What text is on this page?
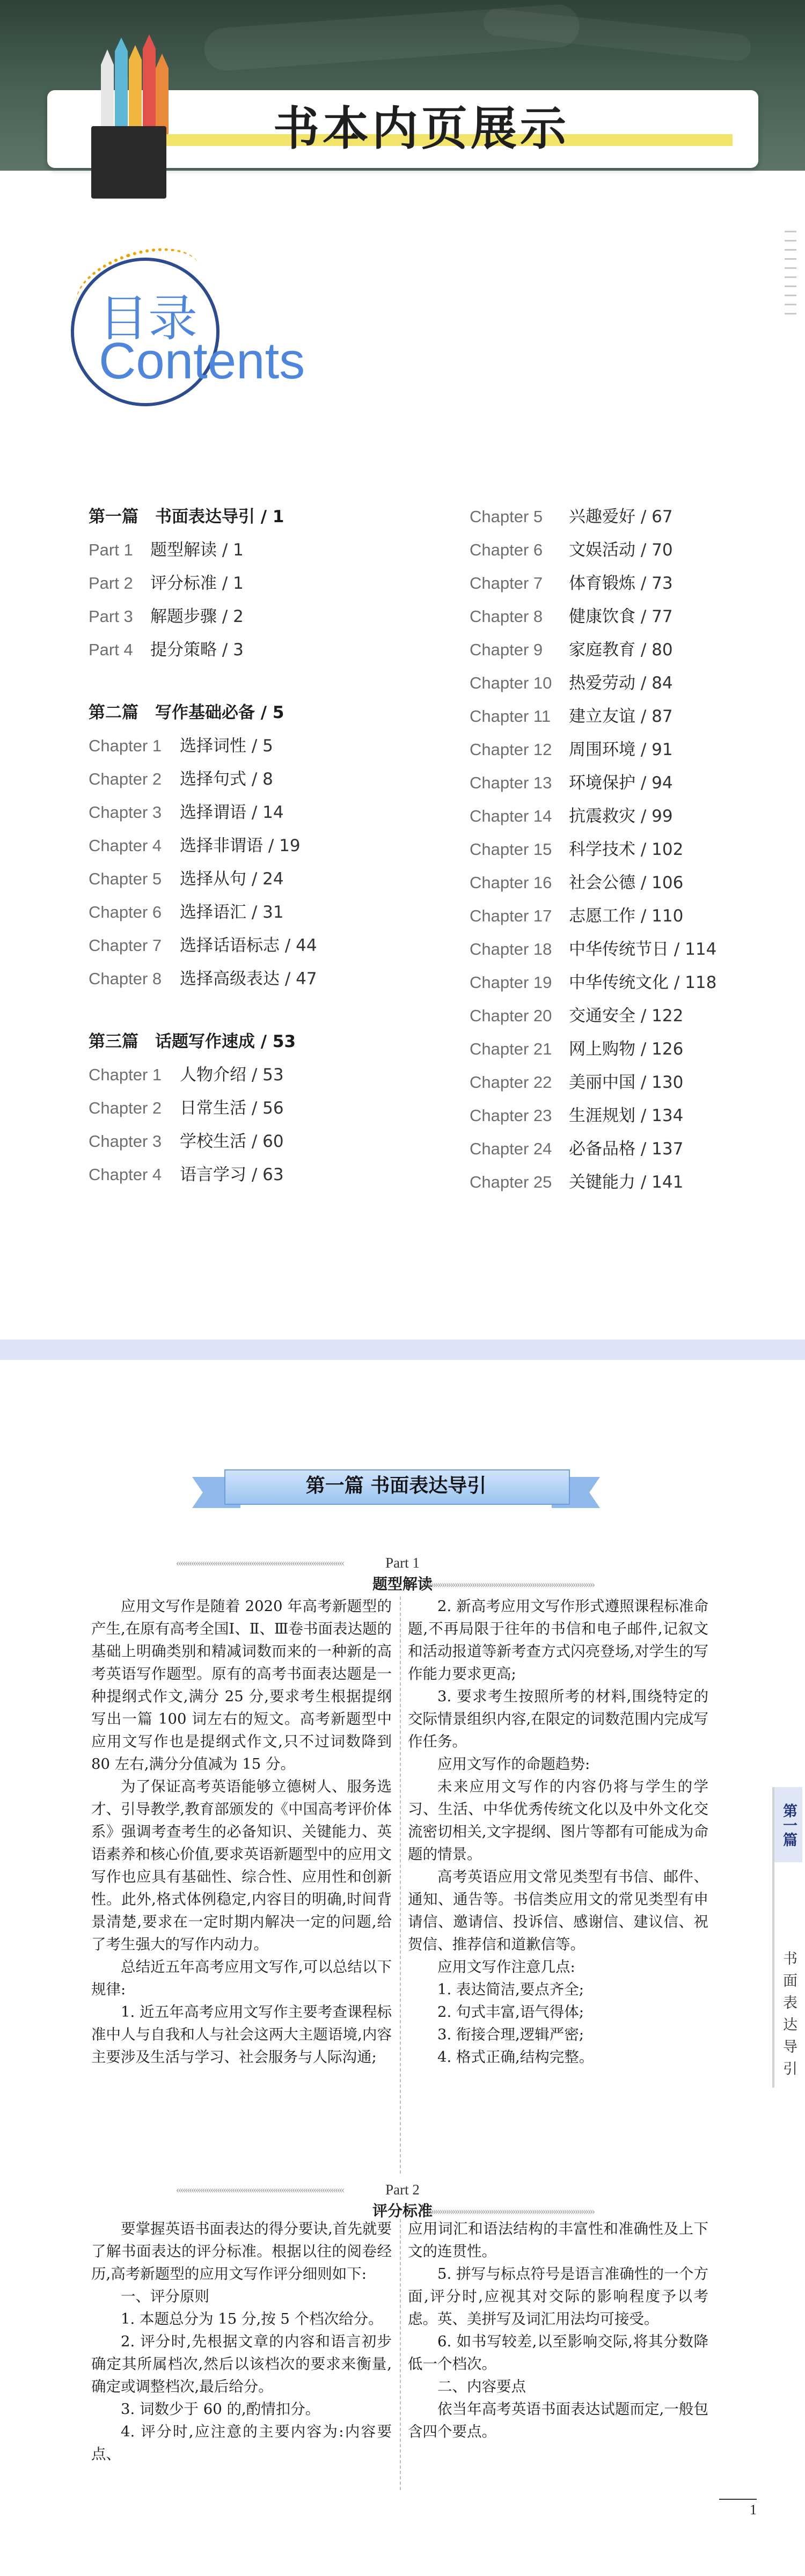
书本内页展示
目录
Contents
第一篇　书面表达导引 / 1
Part 1 题型解读 / 1
Part 2 评分标准 / 1
Part 3 解题步骤 / 2
Part 4 提分策略 / 3
第二篇　写作基础必备 / 5
Chapter 1 选择词性 / 5
Chapter 2 选择句式 / 8
Chapter 3 选择谓语 / 14
Chapter 4 选择非谓语 / 19
Chapter 5 选择从句 / 24
Chapter 6 选择语汇 / 31
Chapter 7 选择话语标志 / 44
Chapter 8 选择高级表达 / 47
第三篇　话题写作速成 / 53
Chapter 1 人物介绍 / 53
Chapter 2 日常生活 / 56
Chapter 3 学校生活 / 60
Chapter 4 语言学习 / 63
Chapter 5 兴趣爱好 / 67
Chapter 6 文娱活动 / 70
Chapter 7 体育锻炼 / 73
Chapter 8 健康饮食 / 77
Chapter 9 家庭教育 / 80
Chapter 10 热爱劳动 / 84
Chapter 11 建立友谊 / 87
Chapter 12 周围环境 / 91
Chapter 13 环境保护 / 94
Chapter 14 抗震救灾 / 99
Chapter 15 科学技术 / 102
Chapter 16 社会公德 / 106
Chapter 17 志愿工作 / 110
Chapter 18 中华传统节日 / 114
Chapter 19 中华传统文化 / 118
Chapter 20 交通安全 / 122
Chapter 21 网上购物 / 126
Chapter 22 美丽中国 / 130
Chapter 23 生涯规划 / 134
Chapter 24 必备品格 / 137
Chapter 25 关键能力 / 141
第一篇 书面表达导引
«««««««««««««««««««««««««««««««««««««««	Part 1
题型解读
»»»»»»»»»»»»»»»»»»»»»»»»»»»»»»»»»»»»»»»

应用文写作是随着 2020 年高考新题型的产生,在原有高考全国Ⅰ、Ⅱ、Ⅲ卷书面表达题的基础上明确类别和精减词数而来的一种新的高考英语写作题型。原有的高考书面表达题是一种提纲式作文,满分 25 分,要求考生根据提纲写出一篇 100 词左右的短文。高考新题型中应用文写作也是提纲式作文,只不过词数降到 80 左右,满分分值减为 15 分。

为了保证高考英语能够立德树人、服务选才、引导教学,教育部颁发的《中国高考评价体系》强调考查考生的必备知识、关键能力、英语素养和核心价值,要求英语新题型中的应用文写作也应具有基础性、综合性、应用性和创新性。此外,格式体例稳定,内容目的明确,时间背景清楚,要求在一定时期内解决一定的问题,给了考生强大的写作内动力。

总结近五年高考应用文写作,可以总结以下规律:

1. 近五年高考应用文写作主要考查课程标准中人与自我和人与社会这两大主题语境,内容主要涉及生活与学习、社会服务与人际沟通;

2. 新高考应用文写作形式遵照课程标准命题,不再局限于往年的书信和电子邮件,记叙文和活动报道等新考查方式闪亮登场,对学生的写作能力要求更高;

3. 要求考生按照所考的材料,围绕特定的交际情景组织内容,在限定的词数范围内完成写作任务。

应用文写作的命题趋势:

未来应用文写作的内容仍将与学生的学习、生活、中华优秀传统文化以及中外文化交流密切相关,文字提纲、图片等都有可能成为命题的情景。

高考英语应用文常见类型有书信、邮件、通知、通告等。书信类应用文的常见类型有申请信、邀请信、投诉信、感谢信、建议信、祝贺信、推荐信和道歉信等。

应用文写作注意几点:

1. 表达简洁,要点齐全;

2. 句式丰富,语气得体;

3. 衔接合理,逻辑严密;

4. 格式正确,结构完整。

«««««««««««««««««««««««««««««««««««««««	Part 2
评分标准
»»»»»»»»»»»»»»»»»»»»»»»»»»»»»»»»»»»»»»»

要掌握英语书面表达的得分要诀,首先就要了解书面表达的评分标准。根据以往的阅卷经历,高考新题型的应用文写作评分细则如下:

一、评分原则

1. 本题总分为 15 分,按 5 个档次给分。

2. 评分时,先根据文章的内容和语言初步确定其所属档次,然后以该档次的要求来衡量,确定或调整档次,最后给分。

3. 词数少于 60 的,酌情扣分。

4. 评分时,应注意的主要内容为:内容要点、

应用词汇和语法结构的丰富性和准确性及上下文的连贯性。

5. 拼写与标点符号是语言准确性的一个方面,评分时,应视其对交际的影响程度予以考虑。英、美拼写及词汇用法均可接受。

6. 如书写较差,以至影响交际,将其分数降低一个档次。

二、内容要点

依当年高考英语书面表达试题而定,一般包含四个要点。

第一篇
书面表达导引
1
